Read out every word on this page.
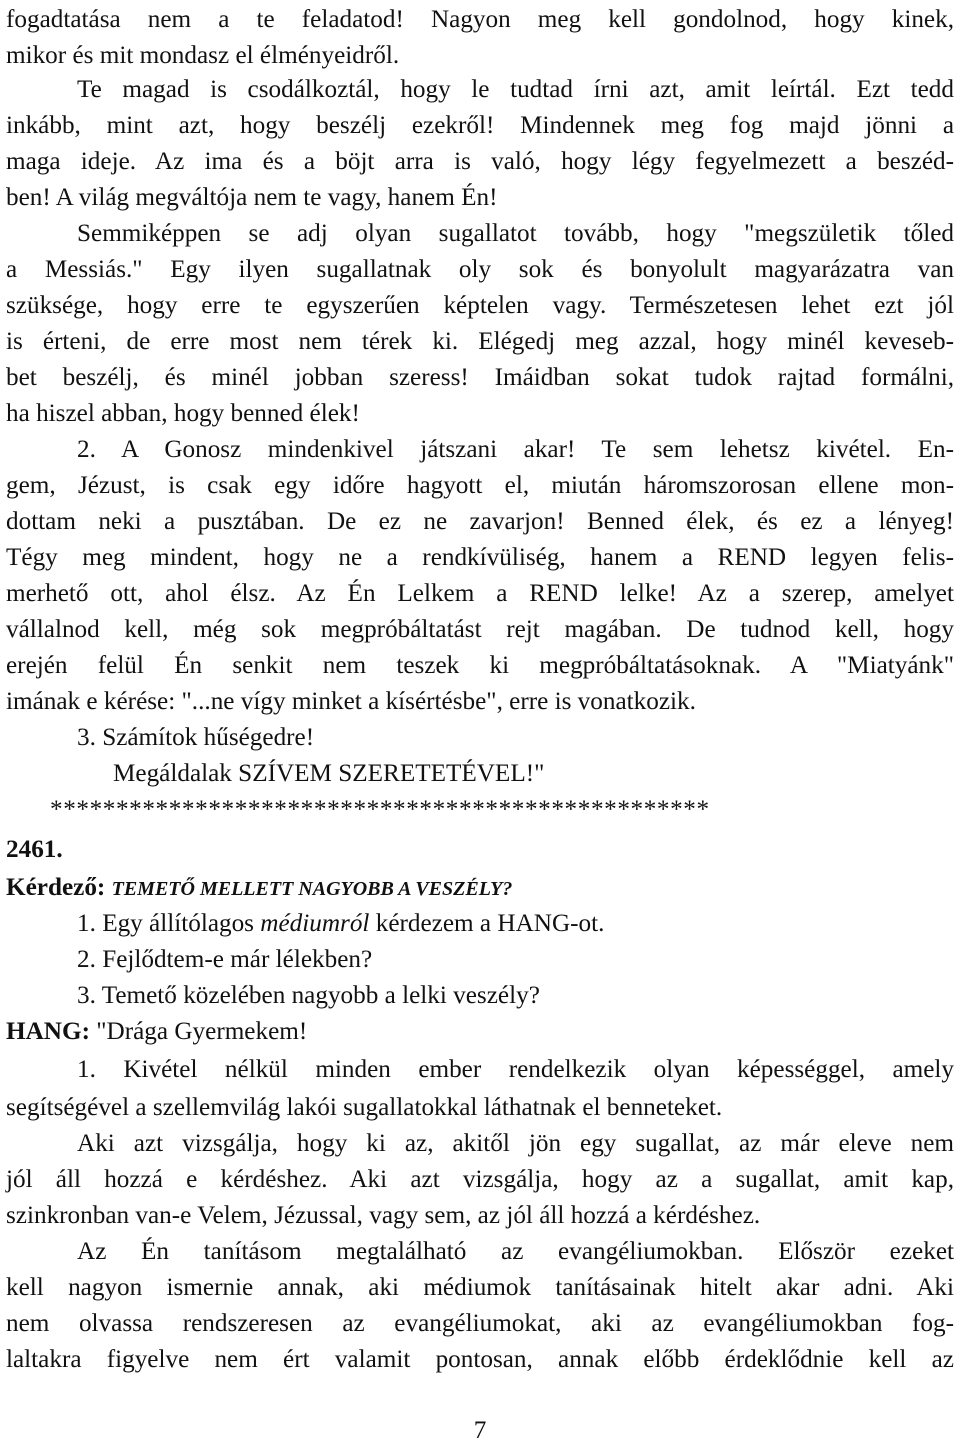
fogadtatása nem a te feladatod! Nagyon meg kell gondolnod, hogy kinek,
mikor és mit mondasz el élményeidről.
Te magad is csodálkoztál, hogy le tudtad írni azt, amit leírtál. Ezt tedd
inkább, mint azt, hogy beszélj ezekről! Mindennek meg fog majd jönni a
maga ideje. Az ima és a böjt arra is való, hogy légy fegyelmezett a beszéd-
ben! A világ megváltója nem te vagy, hanem Én!
Semmiképpen se adj olyan sugallatot tovább, hogy "megszületik tőled
a Messiás." Egy ilyen sugallatnak oly sok és bonyolult magyarázatra van
szüksége, hogy erre te egyszerűen képtelen vagy. Természetesen lehet ezt jól
is érteni, de erre most nem térek ki. Elégedj meg azzal, hogy minél keveseb-
bet beszélj, és minél jobban szeress! Imáidban sokat tudok rajtad formálni,
ha hiszel abban, hogy benned élek!
2. A Gonosz mindenkivel játszani akar! Te sem lehetsz kivétel. En-
gem, Jézust, is csak egy időre hagyott el, miután háromszorosan ellene mon-
dottam neki a pusztában. De ez ne zavarjon! Benned élek, és ez a lényeg!
Tégy meg mindent, hogy ne a rendkívüliség, hanem a REND legyen felis-
merhető ott, ahol élsz. Az Én Lelkem a REND lelke! Az a szerep, amelyet
vállalnod kell, még sok megpróbáltatást rejt magában. De tudnod kell, hogy
erején felül Én senkit nem teszek ki megpróbáltatásoknak. A "Miatyánk"
imának e kérése: "...ne vígy minket a kísértésbe", erre is vonatkozik.
3. Számítok hűségedre!
Megáldalak SZÍVEM SZERETETÉVEL!"
**************************************************
2461.
Kérdező: TEMETŐ MELLETT NAGYOBB A VESZÉLY?
1. Egy állítólagos médiumról kérdezem a HANG-ot.
2. Fejlődtem-e már lélekben?
3. Temető közelében nagyobb a lelki veszély?
HANG: "Drága Gyermekem!
1. Kivétel nélkül minden ember rendelkezik olyan képességgel, amely
segítségével a szellemvilág lakói sugallatokkal láthatnak el benneteket.
Aki azt vizsgálja, hogy ki az, akitől jön egy sugallat, az már eleve nem
jól áll hozzá e kérdéshez. Aki azt vizsgálja, hogy az a sugallat, amit kap,
szinkronban van-e Velem, Jézussal, vagy sem, az jól áll hozzá a kérdéshez.
Az Én tanításom megtalálható az evangéliumokban. Először ezeket
kell nagyon ismernie annak, aki médiumok tanításainak hitelt akar adni. Aki
nem olvassa rendszeresen az evangéliumokat, aki az evangéliumokban fog-
laltakra figyelve nem ért valamit pontosan, annak előbb érdeklődnie kell az
7
